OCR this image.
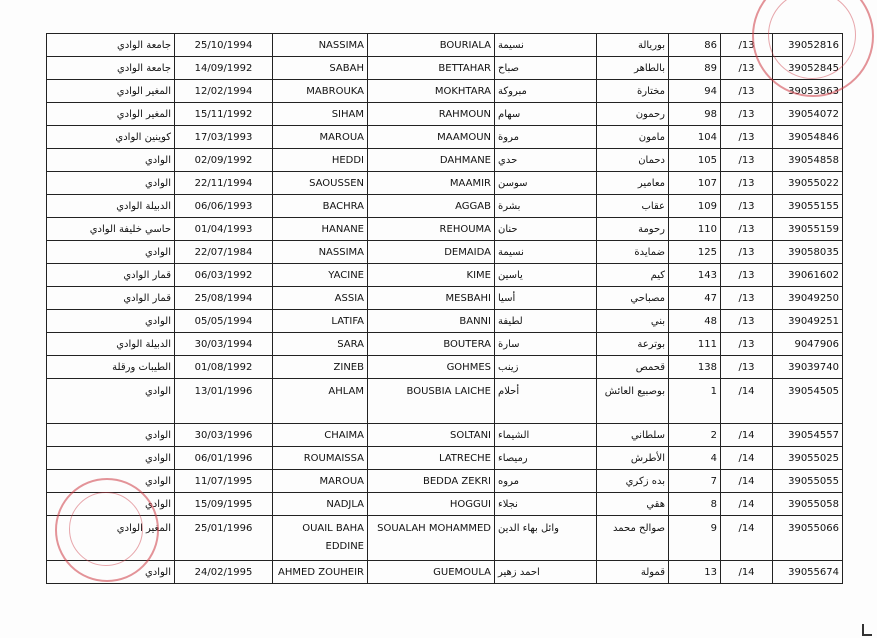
جامعة الوادي	25/10/1994	NASSIMA	BOURIALA	نسيمة	بوريالة	86	/13	39052816
جامعة الوادي	14/09/1992	SABAH	BETTAHAR	صباح	بالطاهر	89	/13	39052845
المغير الوادي	12/02/1994	MABROUKA	MOKHTARA	مبروكة	مختارة	94	/13	39053863
المغير الوادي	15/11/1992	SIHAM	RAHMOUN	سهام	رحمون	98	/13	39054072
كوينين الوادي	17/03/1993	MAROUA	MAAMOUN	مروة	مامون	104	/13	39054846
الوادي	02/09/1992	HEDDI	DAHMANE	حدي	دحمان	105	/13	39054858
الوادي	22/11/1994	SAOUSSEN	MAAMIR	سوسن	معامير	107	/13	39055022
الدبيلة الوادي	06/06/1993	BACHRA	AGGAB	بشرة	عقاب	109	/13	39055155
حاسي خليفة الوادي	01/04/1993	HANANE	REHOUMA	حنان	رحومة	110	/13	39055159
الوادي	22/07/1984	NASSIMA	DEMAIDA	نسيمة	ضمايدة	125	/13	39058035
قمار الوادي	06/03/1992	YACINE	KIME	ياسين	كيم	143	/13	39061602
قمار الوادي	25/08/1994	ASSIA	MESBAHI	أسيا	مصباحي	47	/13	39049250
الوادي	05/05/1994	LATIFA	BANNI	لطيفة	بني	48	/13	39049251
الدبيلة الوادي	30/03/1994	SARA	BOUTERA	سارة	بوترعة	111	/13	9047906
الطيبات ورقلة	01/08/1992	ZINEB	GOHMES	زينب	قحمص	138	/13	39039740
الوادي	13/01/1996	AHLAM	BOUSBIA LAICHE	أحلام	بوصبيع العائش	1	/14	39054505
الوادي	30/03/1996	CHAIMA	SOLTANI	الشيماء	سلطاني	2	/14	39054557
الوادي	06/01/1996	ROUMAISSA	LATRECHE	رميصاء	الأطرش	4	/14	39055025
الوادي	11/07/1995	MAROUA	BEDDA ZEKRI	مروه	بده زكري	7	/14	39055055
الوادي	15/09/1995	NADJLA	HOGGUI	نجلاء	هقي	8	/14	39055058
المغير الوادي	25/01/1996	OUAIL BAHA EDDINE	SOUALAH MOHAMMED	وائل بهاء الدين	صوالح محمد	9	/14	39055066
الوادي	24/02/1995	AHMED ZOUHEIR	GUEMOULA	احمد زهير	قمولة	13	/14	39055674
